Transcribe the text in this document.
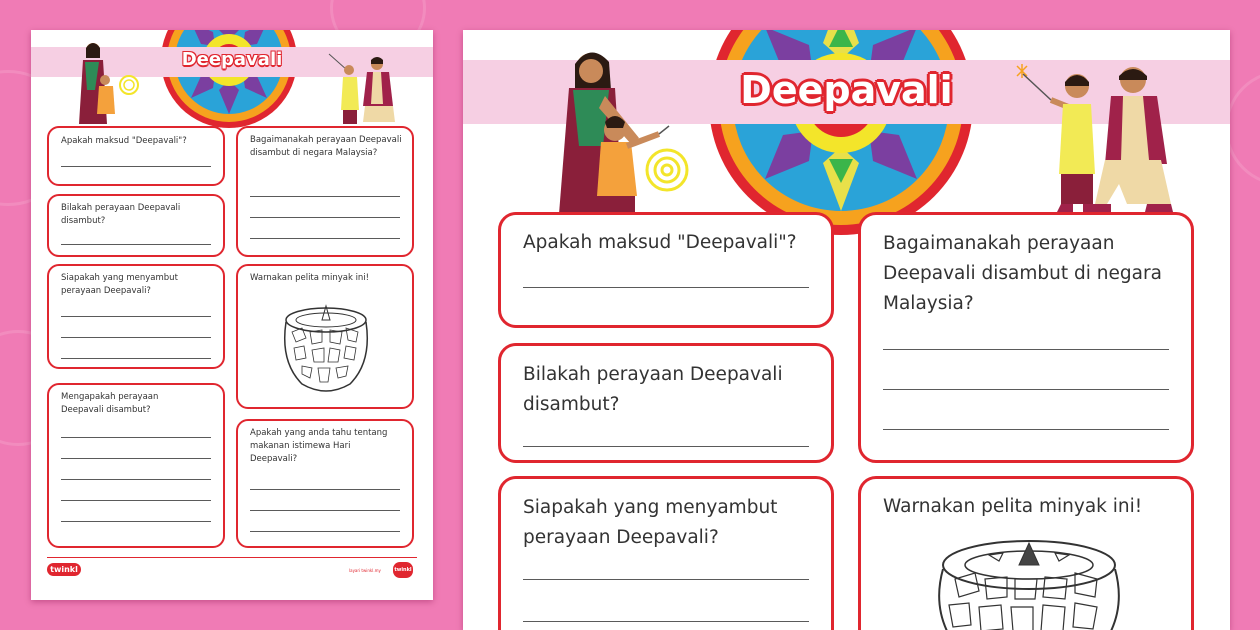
Deepavali
Apakah maksud "Deepavali"?
Bilakah perayaan Deepavali disambut?
Siapakah yang menyambut perayaan Deepavali?
Mengapakah perayaan Deepavali disambut?
Bagaimanakah perayaan Deepavali disambut di negara Malaysia?
Warnakan pelita minyak ini!
Apakah yang anda tahu tentang makanan istimewa Hari Deepavali?
twinkl	layari twinkl.my	twinkl
Deepavali
Apakah maksud "Deepavali"?
Bilakah perayaan Deepavali disambut?
Siapakah yang menyambut perayaan Deepavali?
Bagaimanakah perayaan Deepavali disambut di negara Malaysia?
Warnakan pelita minyak ini!
